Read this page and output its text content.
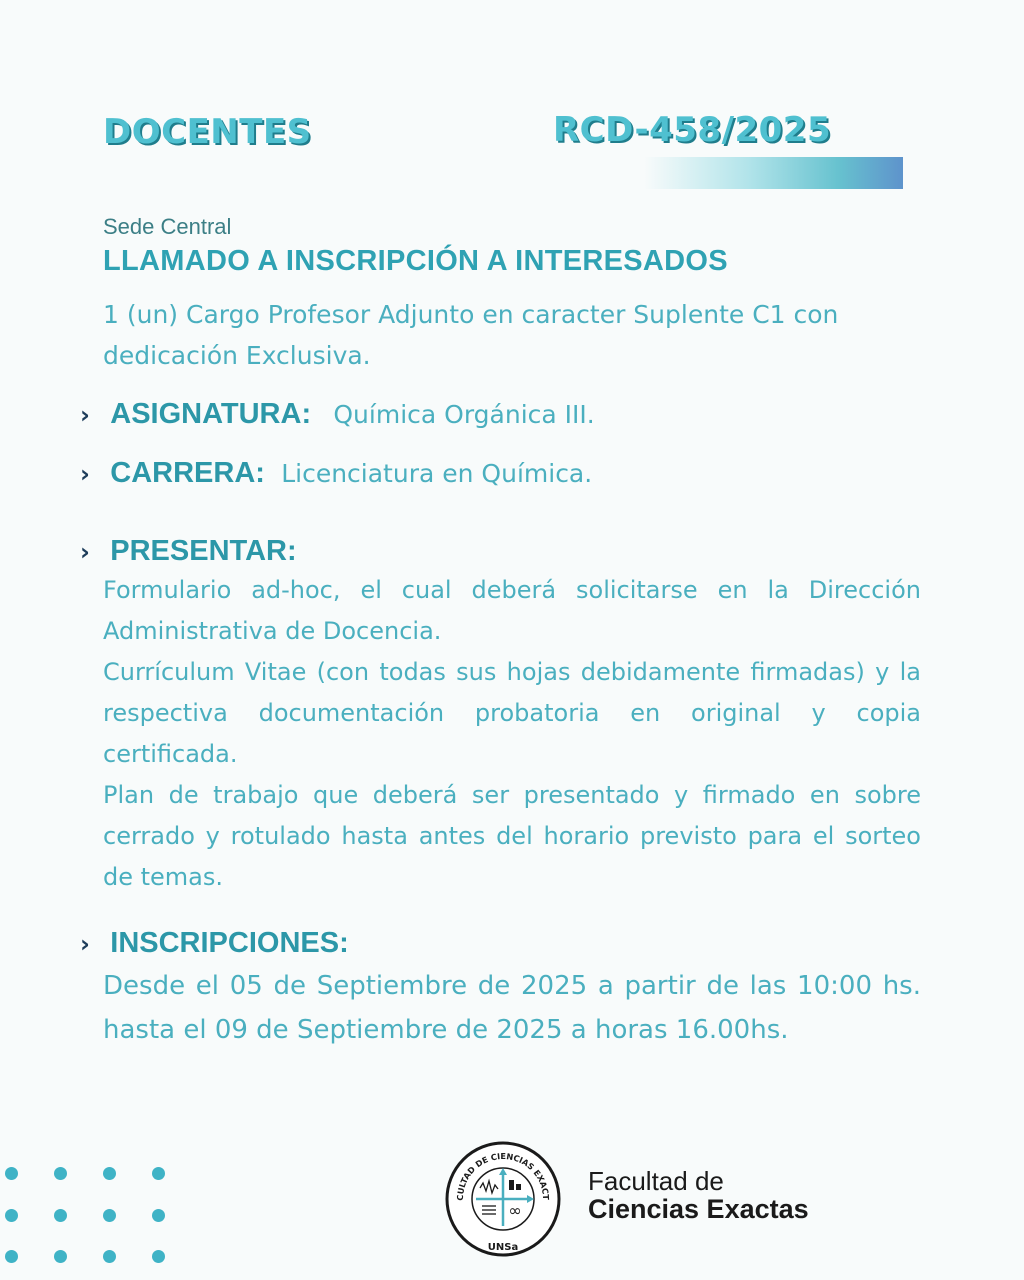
DOCENTES	RCD-458/2025
Sede Central
LLAMADO A INSCRIPCIÓN A INTERESADOS
1 (un) Cargo Profesor Adjunto en caracter Suplente C1 con dedicación Exclusiva.
› ASIGNATURA: Química Orgánica III.
› CARRERA: Licenciatura en Química.
› PRESENTAR:

Formulario ad-hoc, el cual deberá solicitarse en la Dirección Administrativa de Docencia.

Currículum Vitae (con todas sus hojas debidamente firmadas) y la respectiva documentación probatoria en original y copia certificada.

Plan de trabajo que deberá ser presentado y firmado en sobre cerrado y rotulado hasta antes del horario previsto para el sorteo de temas.

› INSCRIPCIONES:

Desde el 05 de Septiembre de 2025 a partir de las 10:00 hs. hasta el 09 de Septiembre de 2025 a horas 16.00hs.

CULTAD DE CIENCIAS EXACT
UNSa
∞
Facultad de
Ciencias Exactas
